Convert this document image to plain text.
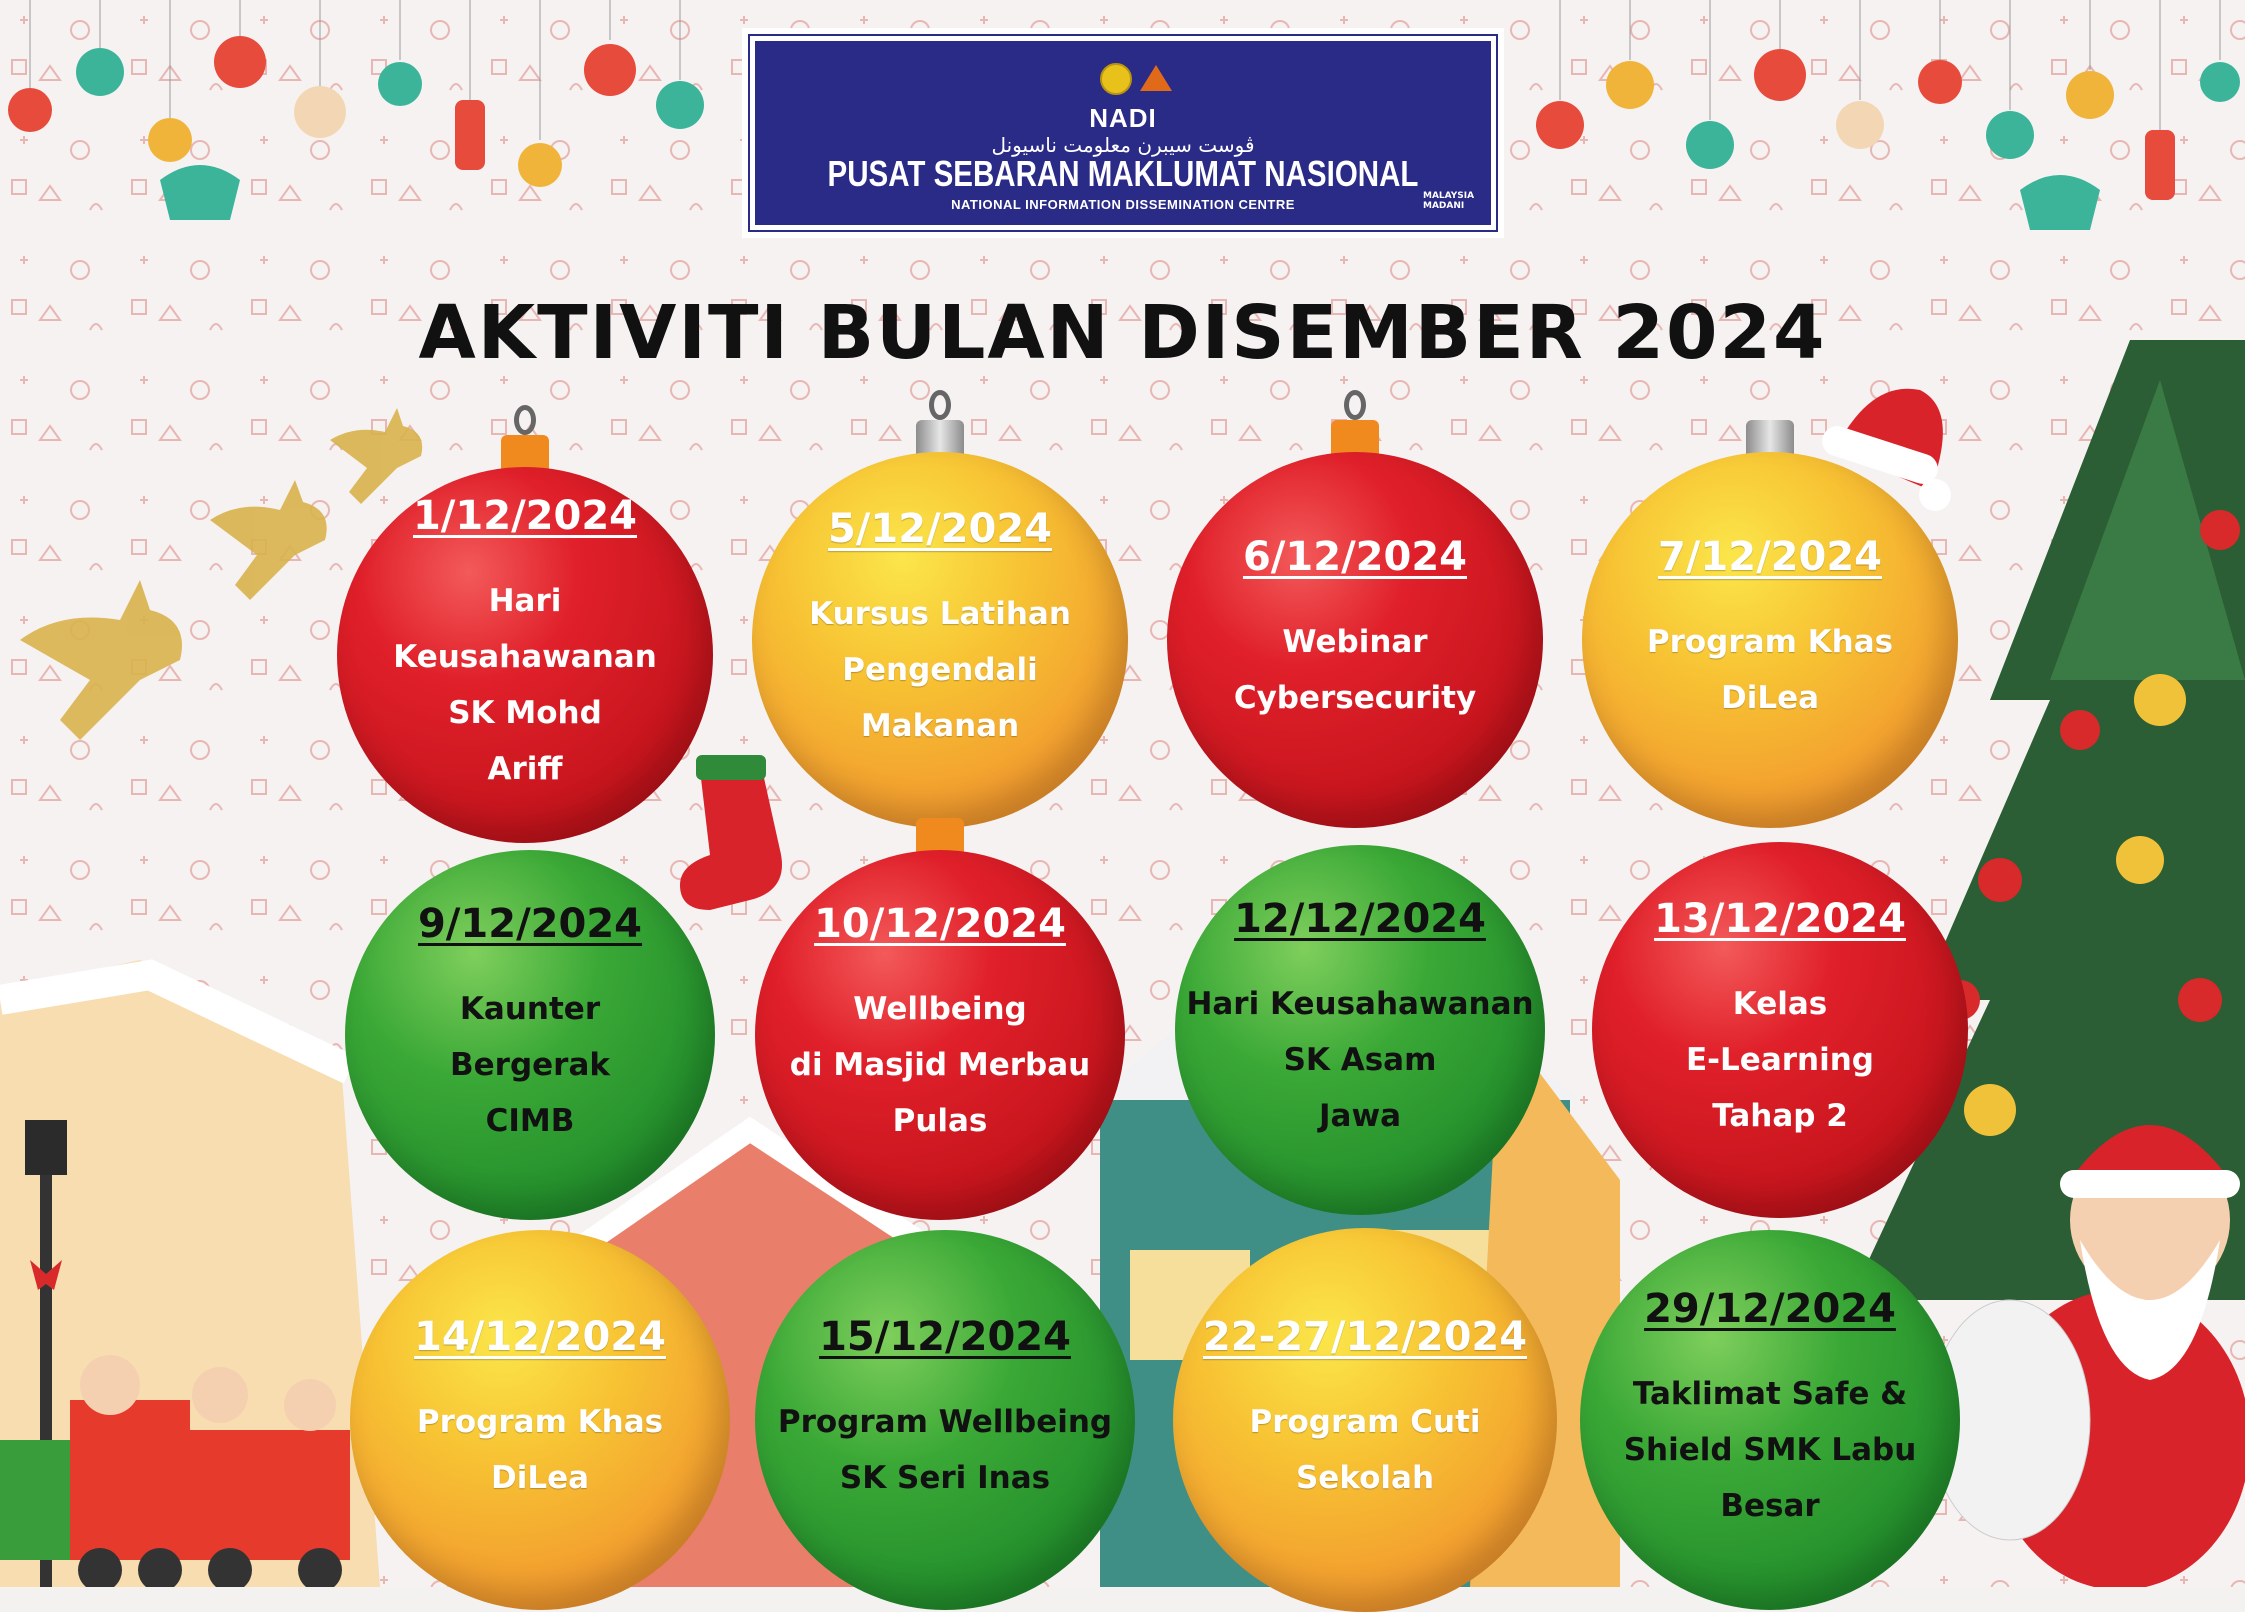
NADI
ڤوست سيبرن معلومت ناسيونل
PUSAT SEBARAN MAKLUMAT NASIONAL
NATIONAL INFORMATION DISSEMINATION CENTRE
MALAYSIA MADANI
AKTIVITI BULAN DISEMBER 2024
1/12/2024
Hari
Keusahawanan
SK Mohd
Ariff
5/12/2024
Kursus Latihan
Pengendali
Makanan
6/12/2024
Webinar
Cybersecurity
7/12/2024
Program Khas
DiLea
9/12/2024
Kaunter
Bergerak
CIMB
10/12/2024
Wellbeing
di Masjid Merbau
Pulas
12/12/2024
Hari Keusahawanan
SK Asam
Jawa
13/12/2024
Kelas
E-Learning
Tahap 2
14/12/2024
Program Khas
DiLea
15/12/2024
Program Wellbeing
SK Seri Inas
22-27/12/2024
Program Cuti
Sekolah
29/12/2024
Taklimat Safe &
Shield SMK Labu
Besar
